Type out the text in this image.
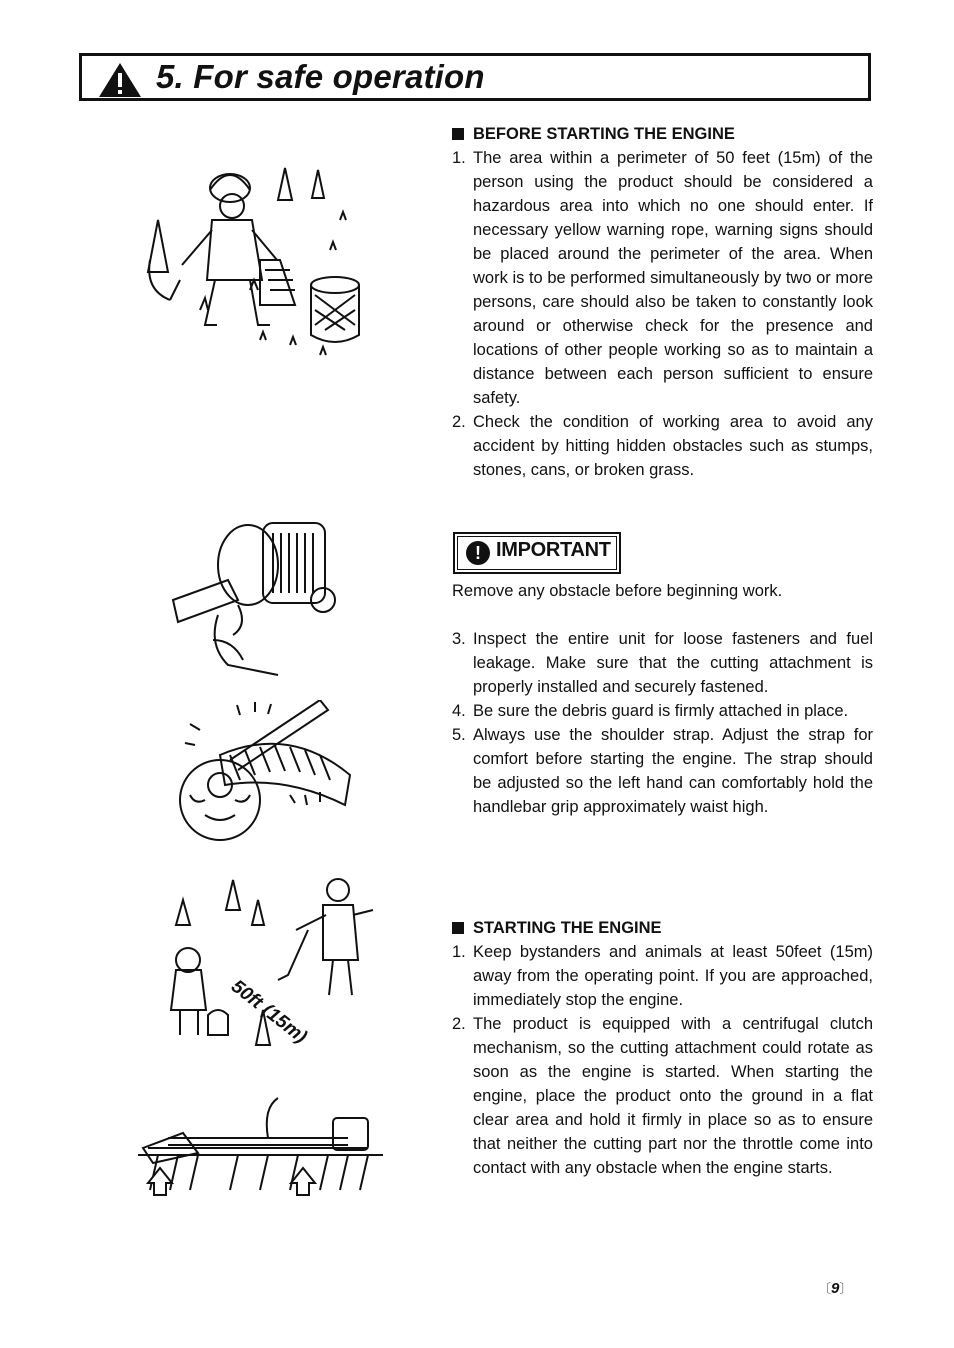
5. For safe operation
BEFORE STARTING THE ENGINE
1. The area within a perimeter of 50 feet (15m) of the person using the product should be considered a hazardous area into which no one should enter. If necessary yellow warning rope, warning signs should be placed around the perimeter of the area. When work is to be performed simultaneously by two or more persons, care should also be taken to constantly look around or otherwise check for the presence and locations of other people working so as to maintain a distance between each person sufficient to ensure safety.
2. Check the condition of working area to avoid any accident by hitting hidden obstacles such as stumps, stones, cans, or broken grass.
! IMPORTANT
Remove any obstacle before beginning work.
3. Inspect the entire unit for loose fasteners and fuel leakage. Make sure that the cutting attachment is properly installed and securely fastened.
4. Be sure the debris guard is firmly attached in place.
5. Always use the shoulder strap. Adjust the strap for comfort before starting the engine. The strap should be adjusted so the left hand can comfortably hold the handlebar grip approximately waist high.
STARTING THE ENGINE
1. Keep bystanders and animals at least 50feet (15m) away from the operating point. If you are approached, immediately stop the engine.
2. The product is equipped with a centrifugal clutch mechanism, so the cutting attachment could rotate as soon as the engine is started. When starting the engine, place the product onto the ground in a flat clear area and hold it firmly in place so as to ensure that neither the cutting part nor the throttle come into contact with any obstacle when the engine starts.
50ft (15m)
〔9〕
